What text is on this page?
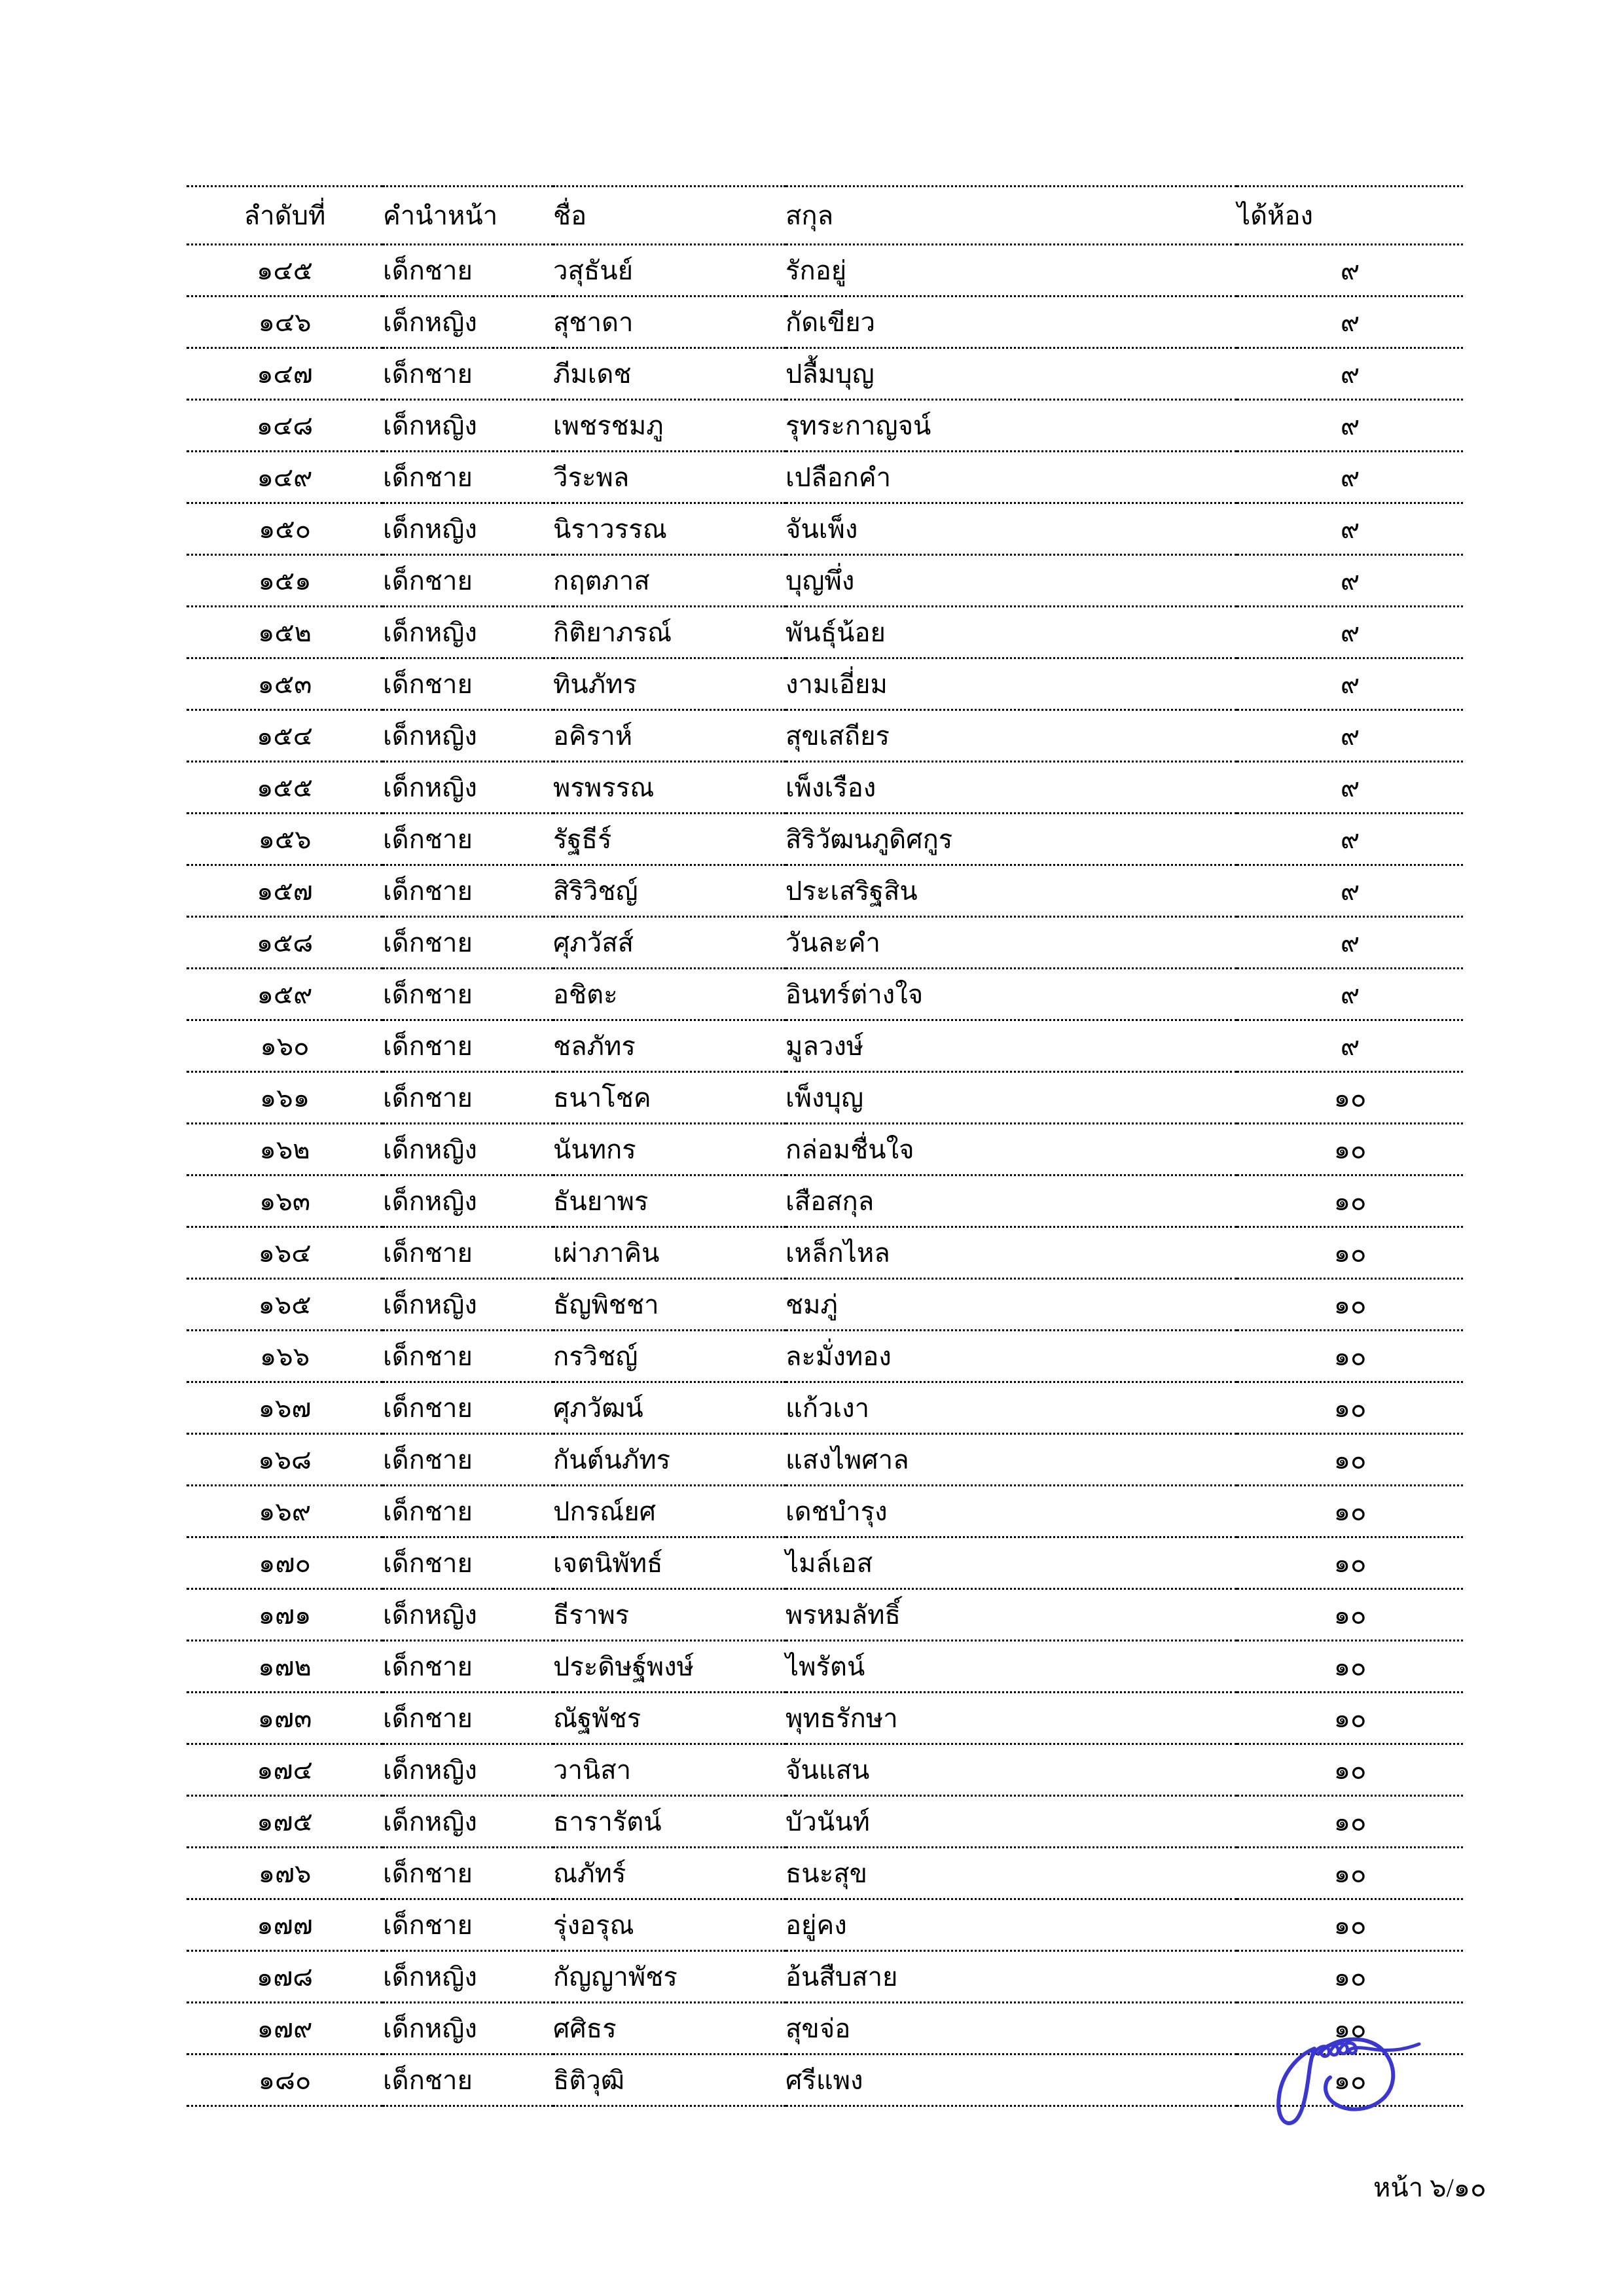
ลำดับที่	คำนำหน้า	ชื่อ	สกุล	ได้ห้อง
๑๔๕	เด็กชาย	วสุธันย์	รักอยู่	๙
๑๔๖	เด็กหญิง	สุชาดา	กัดเขียว	๙
๑๔๗	เด็กชาย	ภีมเดช	ปลื้มบุญ	๙
๑๔๘	เด็กหญิง	เพชรชมภู	รุทระกาญจน์	๙
๑๔๙	เด็กชาย	วีระพล	เปลือกคำ	๙
๑๕๐	เด็กหญิง	นิราวรรณ	จันเพ็ง	๙
๑๕๑	เด็กชาย	กฤตภาส	บุญพึ่ง	๙
๑๕๒	เด็กหญิง	กิติยาภรณ์	พันธุ์น้อย	๙
๑๕๓	เด็กชาย	ทินภัทร	งามเอี่ยม	๙
๑๕๔	เด็กหญิง	อคิราห์	สุขเสถียร	๙
๑๕๕	เด็กหญิง	พรพรรณ	เพ็งเรือง	๙
๑๕๖	เด็กชาย	รัฐธีร์	สิริวัฒนภูดิศกูร	๙
๑๕๗	เด็กชาย	สิริวิชญ์	ประเสริฐสิน	๙
๑๕๘	เด็กชาย	ศุภวัสส์	วันละคำ	๙
๑๕๙	เด็กชาย	อชิตะ	อินทร์ต่างใจ	๙
๑๖๐	เด็กชาย	ชลภัทร	มูลวงษ์	๙
๑๖๑	เด็กชาย	ธนาโชค	เพ็งบุญ	๑๐
๑๖๒	เด็กหญิง	นันทกร	กล่อมชื่นใจ	๑๐
๑๖๓	เด็กหญิง	ธันยาพร	เสือสกุล	๑๐
๑๖๔	เด็กชาย	เผ่าภาคิน	เหล็กไหล	๑๐
๑๖๕	เด็กหญิง	ธัญพิชชา	ชมภู่	๑๐
๑๖๖	เด็กชาย	กรวิชญ์	ละมั่งทอง	๑๐
๑๖๗	เด็กชาย	ศุภวัฒน์	แก้วเงา	๑๐
๑๖๘	เด็กชาย	กันต์นภัทร	แสงไพศาล	๑๐
๑๖๙	เด็กชาย	ปกรณ์ยศ	เดชบำรุง	๑๐
๑๗๐	เด็กชาย	เจตนิพัทธ์	ไมล์เอส	๑๐
๑๗๑	เด็กหญิง	ธีราพร	พรหมลัทธิ์	๑๐
๑๗๒	เด็กชาย	ประดิษฐ์พงษ์	ไพรัตน์	๑๐
๑๗๓	เด็กชาย	ณัฐพัชร	พุทธรักษา	๑๐
๑๗๔	เด็กหญิง	วานิสา	จันแสน	๑๐
๑๗๕	เด็กหญิง	ธารารัตน์	บัวนันท์	๑๐
๑๗๖	เด็กชาย	ณภัทร์	ธนะสุข	๑๐
๑๗๗	เด็กชาย	รุ่งอรุณ	อยู่คง	๑๐
๑๗๘	เด็กหญิง	กัญญาพัชร	อ้นสืบสาย	๑๐
๑๗๙	เด็กหญิง	ศศิธร	สุขจ่อ	๑๐
๑๘๐	เด็กชาย	ธิติวุฒิ	ศรีแพง	๑๐
หน้า ๖/๑๐
